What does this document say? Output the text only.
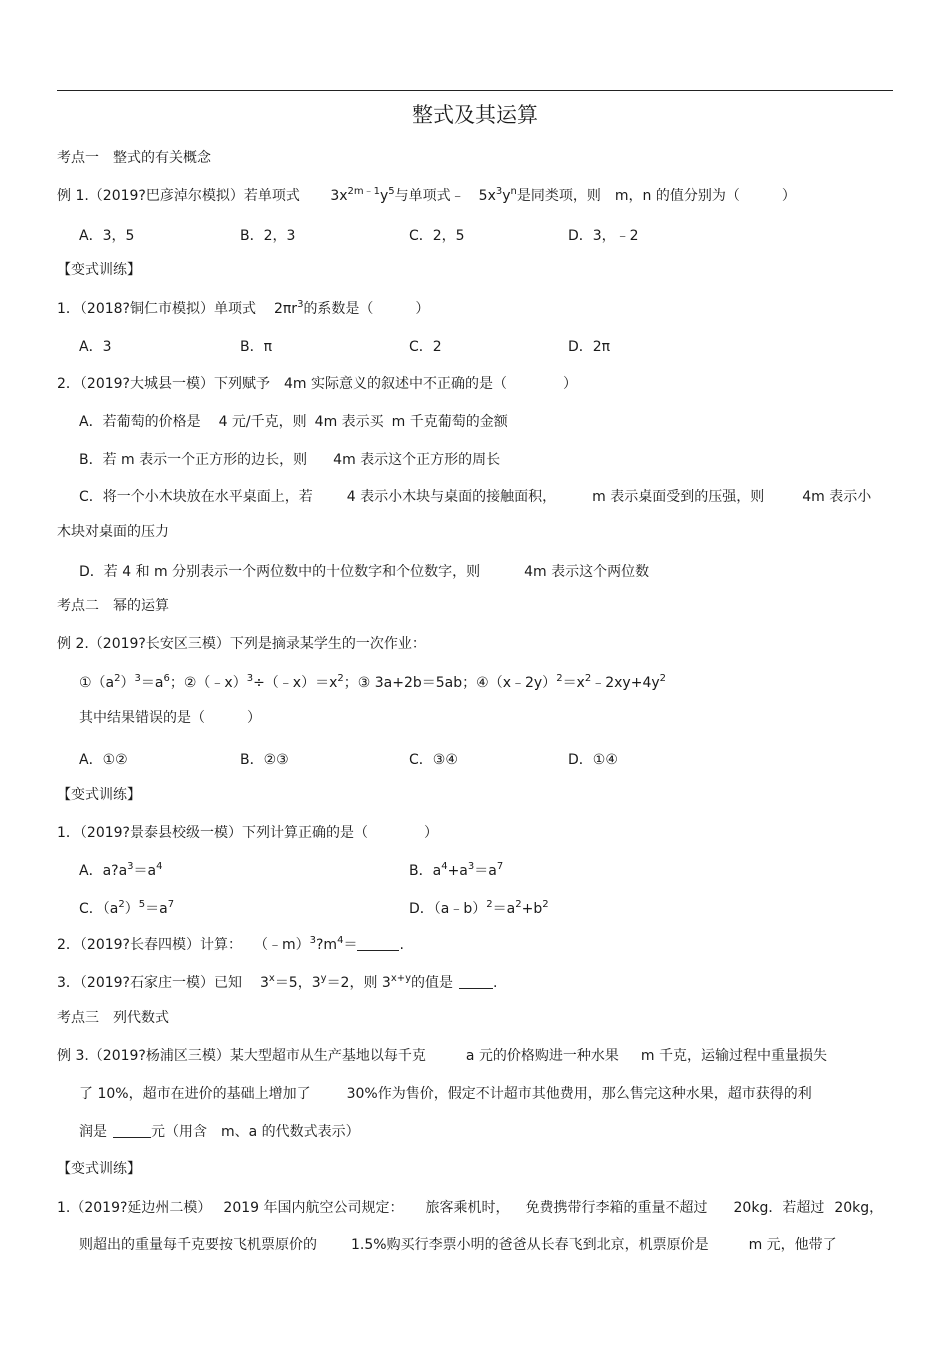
整式及其运算
考点一　整式的有关概念
例 1.（2019?巴彦淖尔模拟）若单项式 $3x^{2m﹣1}y^5$与单项式﹣ $5x^3y^n$是同类项，则 m，n 的值分别为（　　　）
A．3，5	B．2，3	C．2，5	D．3，﹣2
【变式训练】
1．（2018?铜仁市模拟）单项式 $2\pi r^3$的系数是（　　　）
A．3	B．π	C．2	D．2π
2．（2019?大城县一模）下列赋予 4m 实际意义的叙述中不正确的是（　　　　）
A．若葡萄的价格是 4 元/千克，则 4m 表示买 m 千克葡萄的金额
B．若 m 表示一个正方形的边长，则 4m 表示这个正方形的周长
C．将一个小木块放在水平桌面上，若 4 表示小木块与桌面的接触面积，	m 表示桌面受到的压强，则	4m 表示小
木块对桌面的压力
D．若 4 和 m 分别表示一个两位数中的十位数字和个位数字，则	4m 表示这个两位数
考点二　幂的运算
例 2.（2019?长安区三模）下列是摘录某学生的一次作业：
$①(a^2)^3=a^6$；$②(﹣x)^3\div(﹣x)=x^2$；③ 3a+2b＝5ab；$④(x﹣2y)^2=x^2﹣2xy+4y^2$
其中结果错误的是（　　　）
A．①②	B．②③	C．③④	D．①④
【变式训练】
1．（2019?景泰县校级一模）下列计算正确的是（　　　　）
A．$a?a^3=a^4$	B．$a^4+a^3=a^7$
C．$(a^2)^5=a^7$	D．$(a﹣b)^2=a^2+b^2$
2．（2019?长春四模）计算： $(﹣m)^3?m^4=$	.
3．（2019?石家庄一模）已知 $3^x=5$，$3^y=2$，则 $3^{x+y}$的值是	.
考点三　列代数式
例 3.（2019?杨浦区三模）某大型超市从生产基地以每千克	a 元的价格购进一种水果 m 千克，运输过程中重量损失
了 10%，超市在进价的基础上增加了	30%作为售价，假定不计超市其他费用，那么售完这种水果，超市获得的利
润是	元（用含 m、a 的代数式表示）
【变式训练】
1.（2019?延边州二模） 2019 年国内航空公司规定： 旅客乘机时， 免费携带行李箱的重量不超过 20kg．若超过 20kg，
则超出的重量每千克要按飞机票原价的 1.5%购买行李票小明的爸爸从长春飞到北京，机票原价是	m 元，他带了
